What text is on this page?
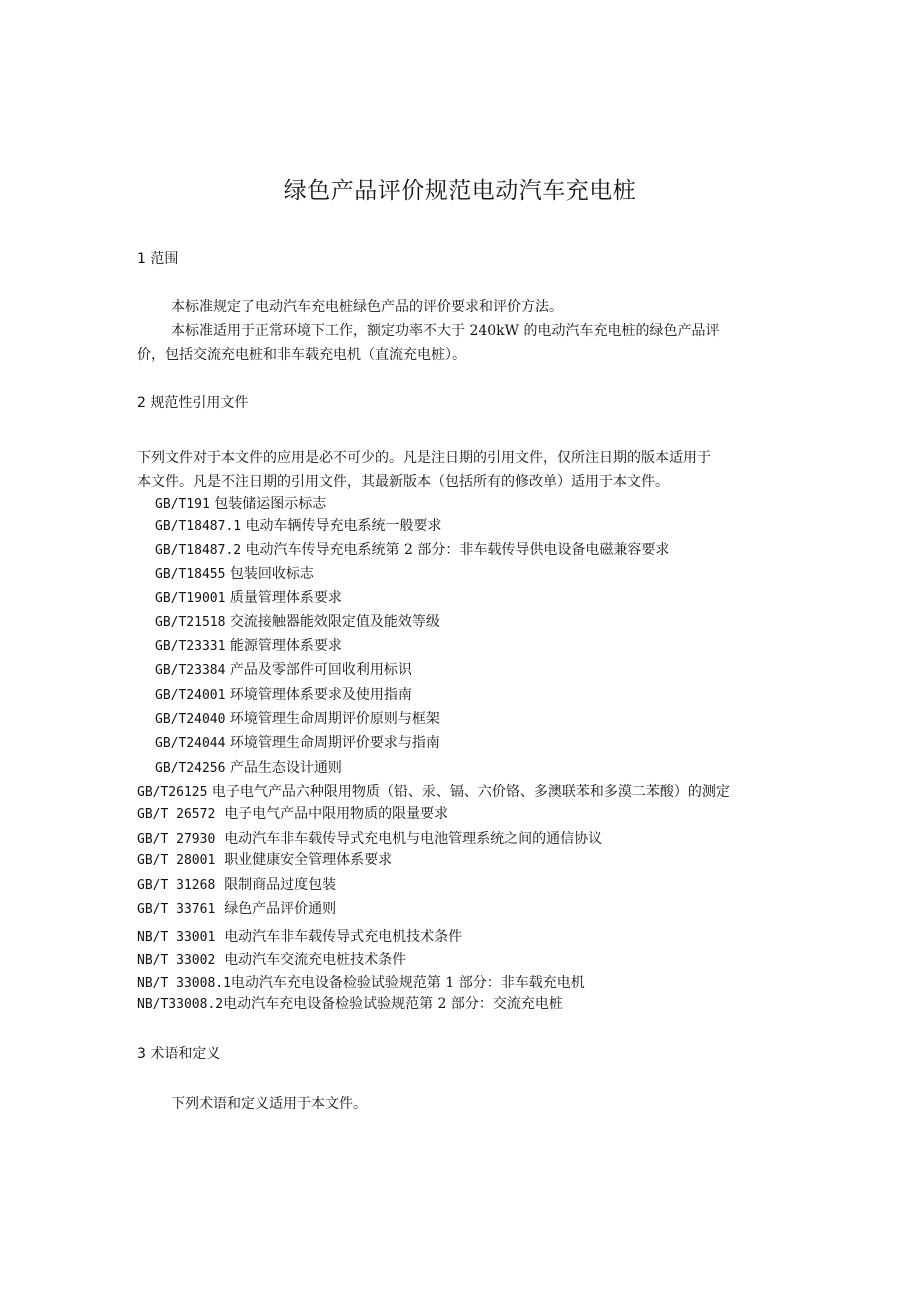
绿色产品评价规范电动汽车充电桩
1 范围
本标准规定了电动汽车充电桩绿色产品的评价要求和评价方法。
本标准适用于正常环境下工作，额定功率不大于 240kW 的电动汽车充电桩的绿色产品评
价，包括交流充电桩和非车载充电机（直流充电桩）。
2 规范性引用文件
下列文件对于本文件的应用是必不可少的。凡是注日期的引用文件，仅所注日期的版本适用于
本文件。凡是不注日期的引用文件，其最新版本（包括所有的修改单）适用于本文件。
GB/T191 包装储运图示标志
GB/T18487.1 电动车辆传导充电系统一般要求
GB/T18487.2 电动汽车传导充电系统第 2 部分：非车载传导供电设备电磁兼容要求
GB/T18455 包装回收标志
GB/T19001 质量管理体系要求
GB/T21518 交流接触器能效限定值及能效等级
GB/T23331 能源管理体系要求
GB/T23384 产品及零部件可回收利用标识
GB/T24001 环境管理体系要求及使用指南
GB/T24040 环境管理生命周期评价原则与框架
GB/T24044 环境管理生命周期评价要求与指南
GB/T24256 产品生态设计通则
GB/T26125 电子电气产品六种限用物质（铅、汞、镉、六价铬、多澳联苯和多漠二苯酸）的测定
GB/T 26572 电子电气产品中限用物质的限量要求
GB/T 27930 电动汽车非车载传导式充电机与电池管理系统之间的通信协议
GB/T 28001 职业健康安全管理体系要求
GB/T 31268 限制商品过度包装
GB/T 33761 绿色产品评价通则
NB/T 33001 电动汽车非车载传导式充电机技术条件
NB/T 33002 电动汽车交流充电桩技术条件
NB/T 33008.1电动汽车充电设备检验试验规范第 1 部分：非车载充电机
NB/T33008.2电动汽车充电设备检验试验规范第 2 部分：交流充电桩
3 术语和定义
下列术语和定义适用于本文件。
